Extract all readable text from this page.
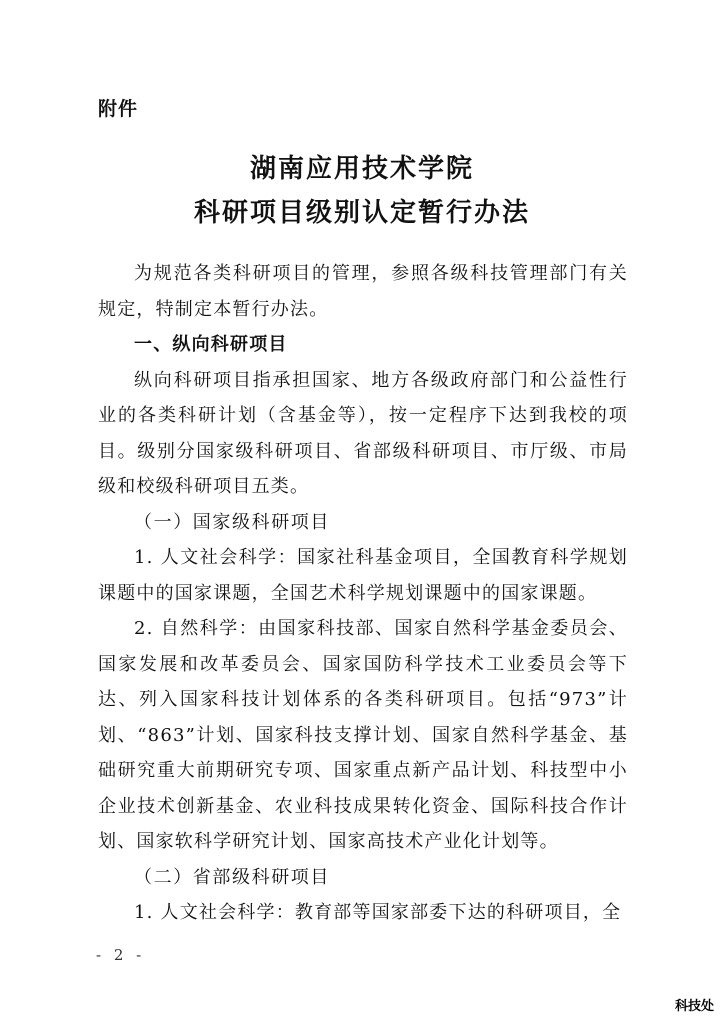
附件
湖南应用技术学院
科研项目级别认定暂行办法

为规范各类科研项目的管理，参照各级科技管理部门有关规定，特制定本暂行办法。

一、纵向科研项目

纵向科研项目指承担国家、地方各级政府部门和公益性行业的各类科研计划（含基金等），按一定程序下达到我校的项目。级别分国家级科研项目、省部级科研项目、市厅级、市局级和校级科研项目五类。

（一）国家级科研项目

1. 人文社会科学：国家社科基金项目，全国教育科学规划课题中的国家课题，全国艺术科学规划课题中的国家课题。

2. 自然科学：由国家科技部、国家自然科学基金委员会、国家发展和改革委员会、国家国防科学技术工业委员会等下达、列入国家科技计划体系的各类科研项目。包括“973”计划、“863”计划、国家科技支撑计划、国家自然科学基金、基础研究重大前期研究专项、国家重点新产品计划、科技型中小企业技术创新基金、农业科技成果转化资金、国际科技合作计划、国家软科学研究计划、国家高技术产业化计划等。

（二）省部级科研项目

1. 人文社会科学：教育部等国家部委下达的科研项目，全

- 2 -
科技处
